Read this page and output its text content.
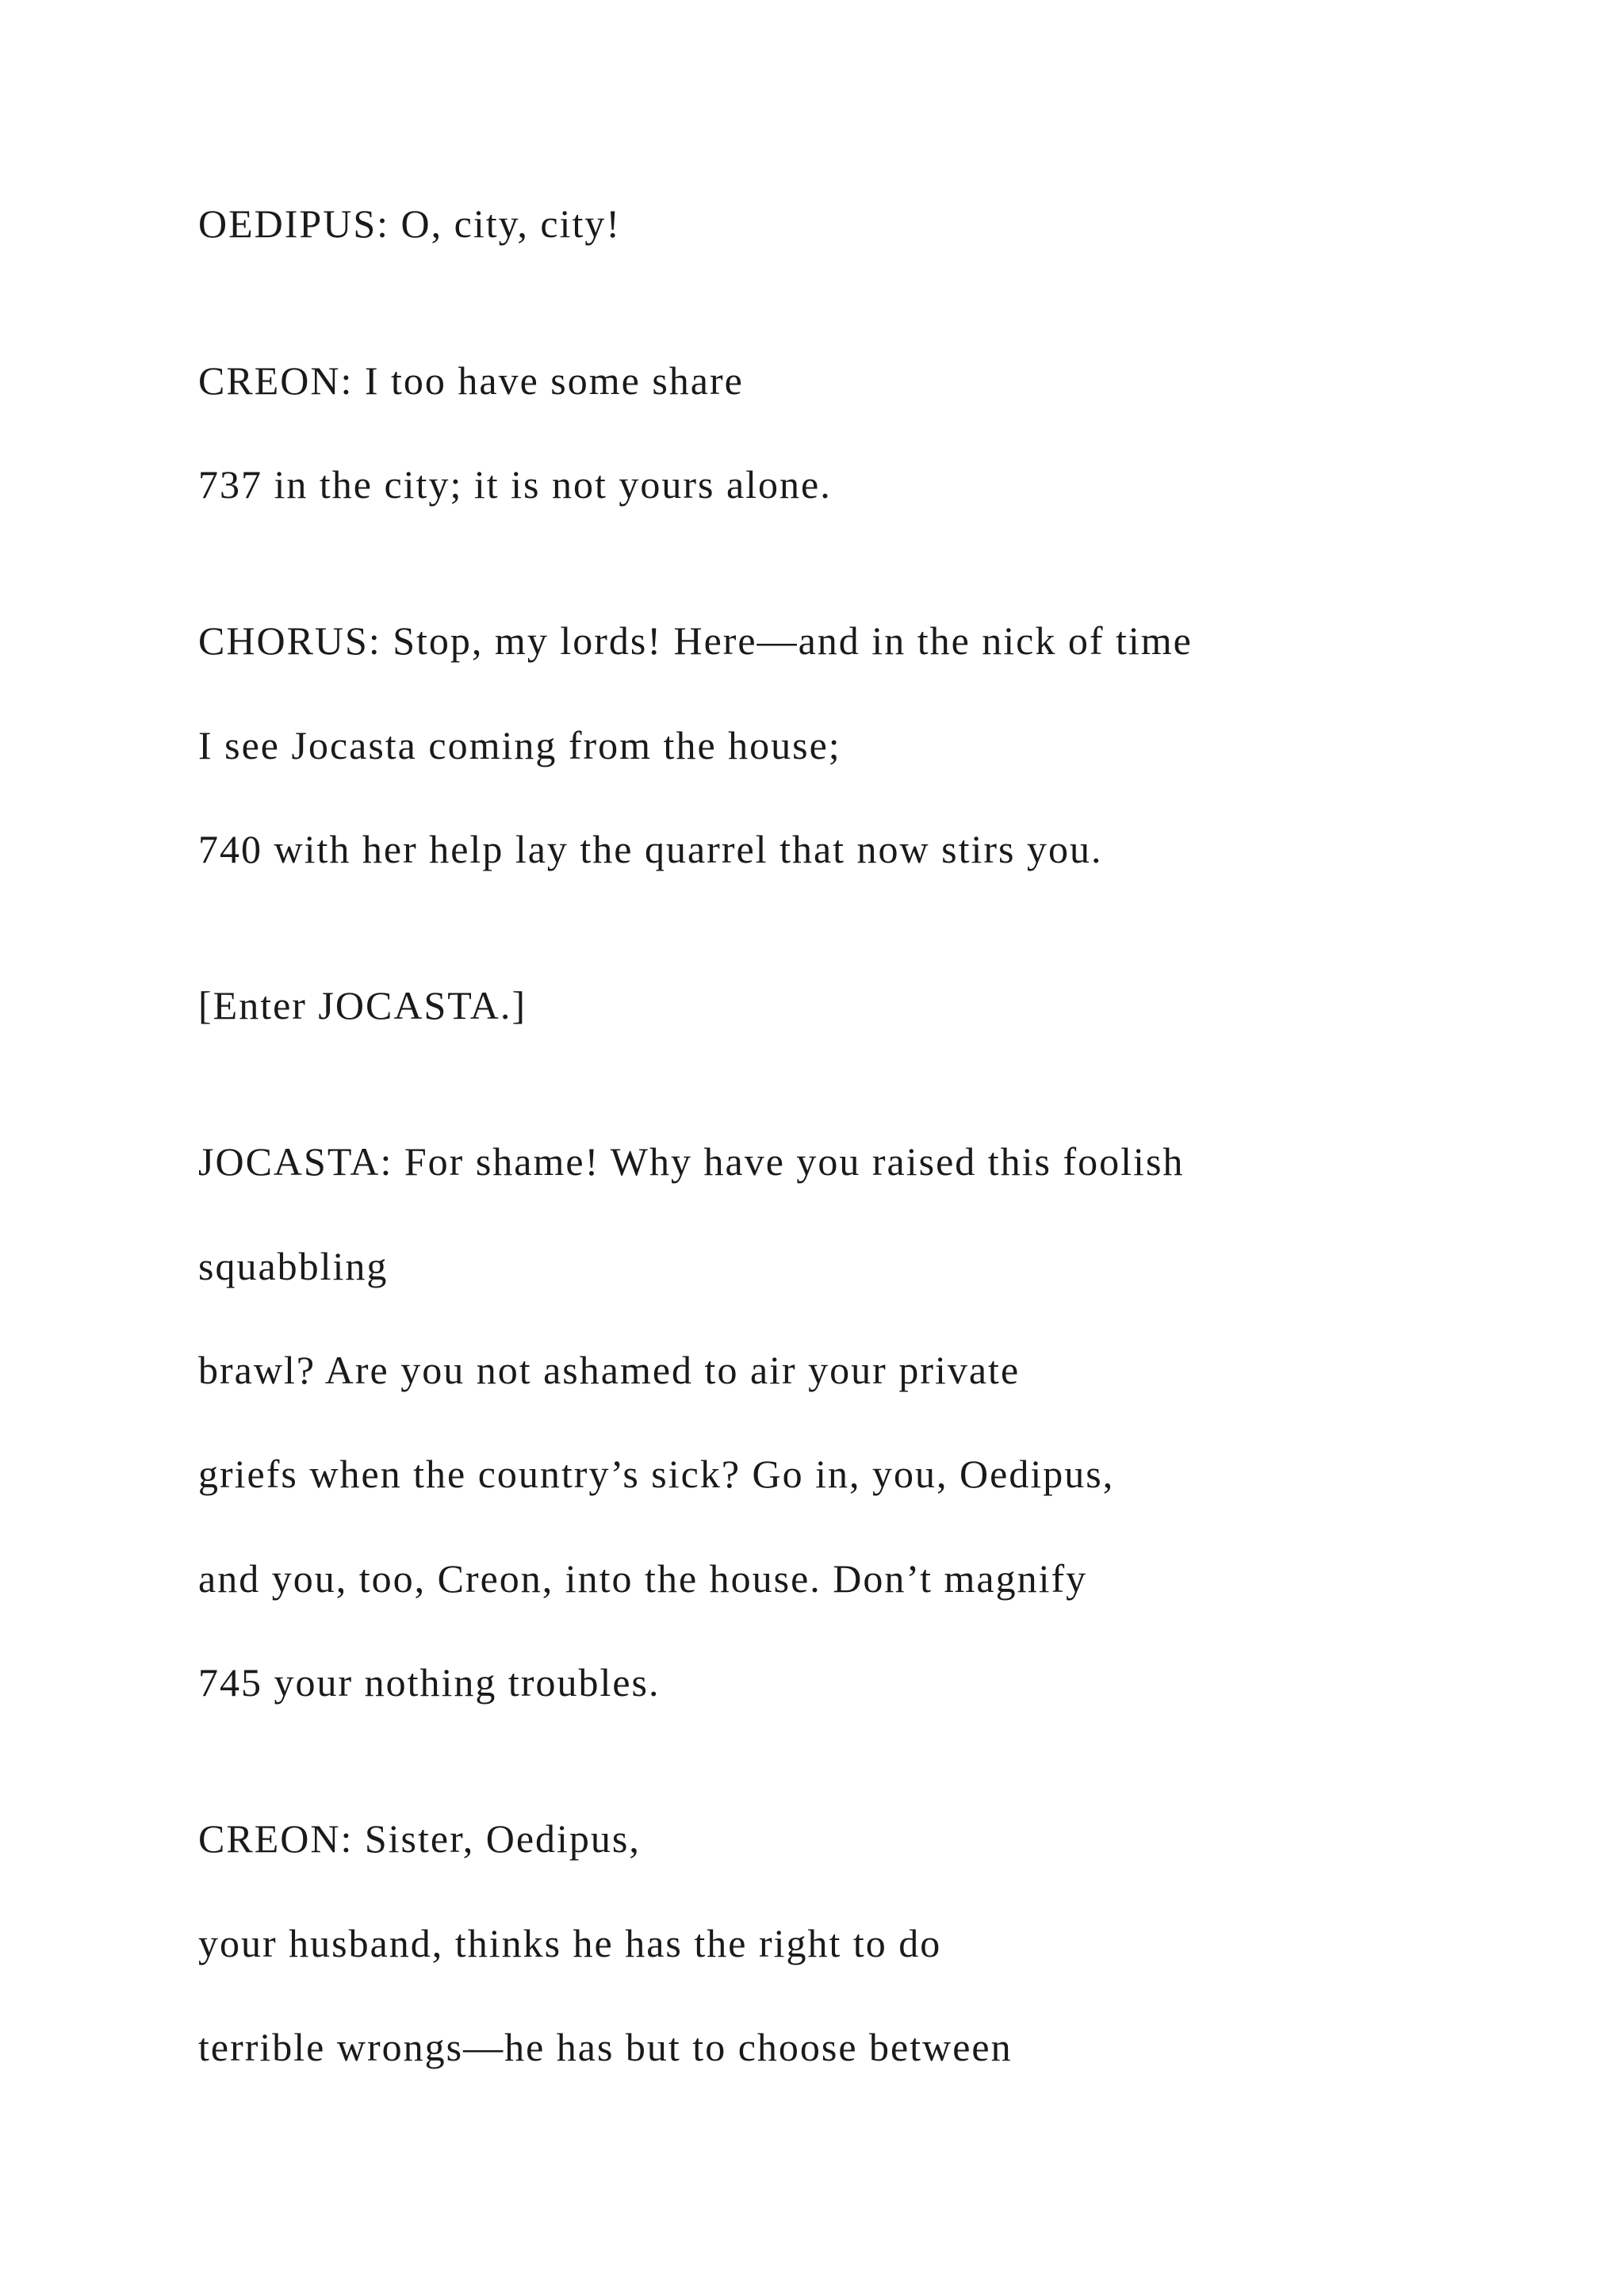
OEDIPUS: O, city, city!

CREON: I too have some share

737 in the city; it is not yours alone.

CHORUS: Stop, my lords! Here—and in the nick of time

I see Jocasta coming from the house;

740 with her help lay the quarrel that now stirs you.

[Enter JOCASTA.]

JOCASTA: For shame! Why have you raised this foolish

squabbling

brawl? Are you not ashamed to air your private

griefs when the country’s sick? Go in, you, Oedipus,

and you, too, Creon, into the house. Don’t magnify

745 your nothing troubles.

CREON: Sister, Oedipus,

your husband, thinks he has the right to do

terrible wrongs—he has but to choose between
